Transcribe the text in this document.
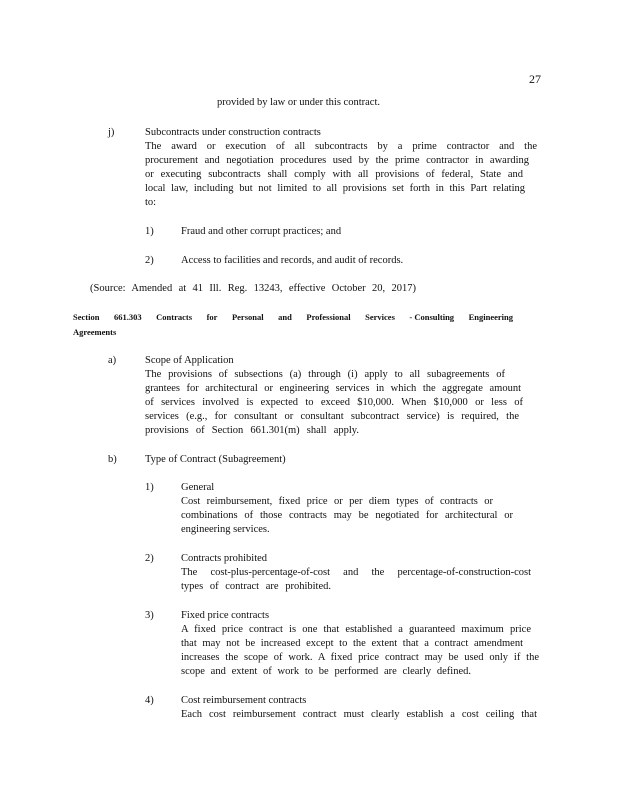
27
provided by law or under this contract.
j)	Subcontracts under construction contracts
The award or execution of all subcontracts by a prime contractor and the
procurement and negotiation procedures used by the prime contractor in awarding
or executing subcontracts shall comply with all provisions of federal, State and
local law, including but not limited to all provisions set forth in this Part relating
to:
1)	Fraud and other corrupt practices; and
2)	Access to facilities and records, and audit of records.
(Source: Amended at 41 Ill. Reg. 13243, effective October 20, 2017)
Section 661.303 Contracts for Personal and Professional Services - Consulting Engineering
Agreements
a)	Scope of Application
The provisions of subsections (a) through (i) apply to all subagreements of
grantees for architectural or engineering services in which the aggregate amount
of services involved is expected to exceed $10,000. When $10,000 or less of
services (e.g., for consultant or consultant subcontract service) is required, the
provisions of Section 661.301(m) shall apply.
b)	Type of Contract (Subagreement)
1)	General
Cost reimbursement, fixed price or per diem types of contracts or
combinations of those contracts may be negotiated for architectural or
engineering services.
2)	Contracts prohibited
The cost-plus-percentage-of-cost and the percentage-of-construction-cost
types of contract are prohibited.
3)	Fixed price contracts
A fixed price contract is one that established a guaranteed maximum price
that may not be increased except to the extent that a contract amendment
increases the scope of work. A fixed price contract may be used only if the
scope and extent of work to be performed are clearly defined.
4)	Cost reimbursement contracts
Each cost reimbursement contract must clearly establish a cost ceiling that
